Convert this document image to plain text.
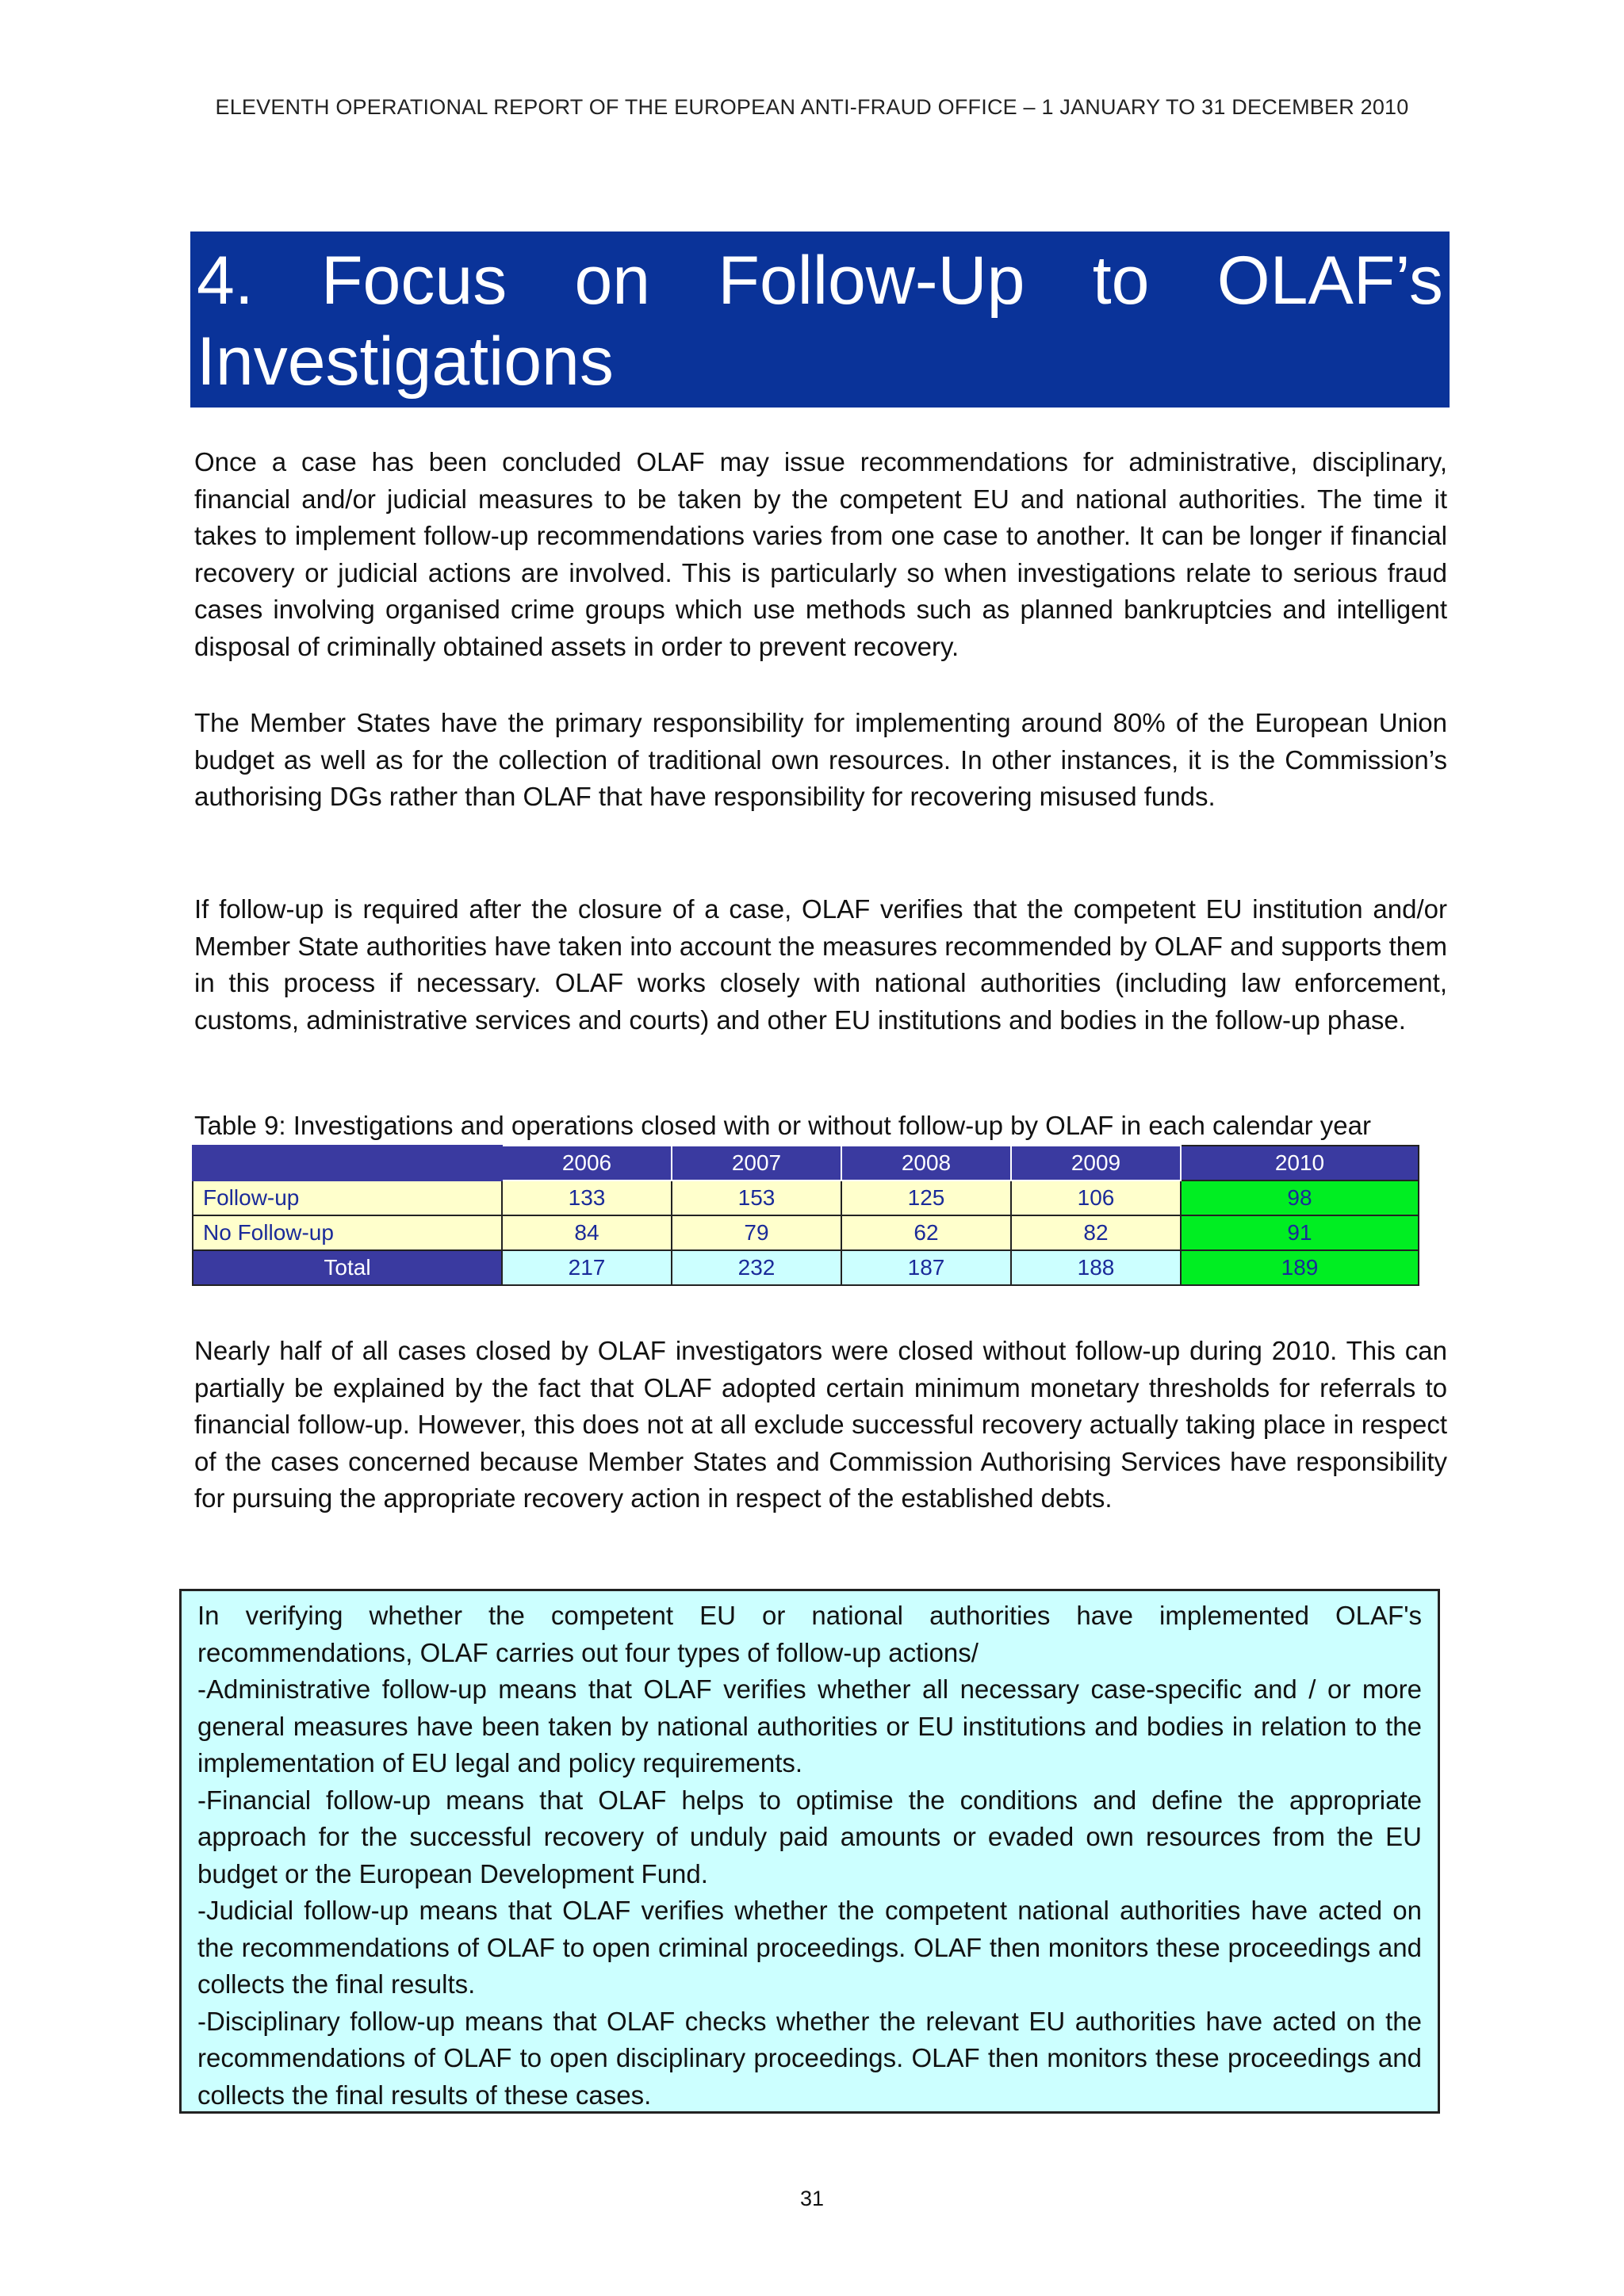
ELEVENTH OPERATIONAL REPORT OF THE EUROPEAN ANTI-FRAUD OFFICE – 1 JANUARY TO 31 DECEMBER 2010
4. Focus on Follow-Up to OLAF’s
Investigations

Once a case has been concluded OLAF may issue recommendations for administrative, disciplinary, financial and/or judicial measures to be taken by the competent EU and national authorities. The time it takes to implement follow-up recommendations varies from one case to another. It can be longer if financial recovery or judicial actions are involved. This is particularly so when investigations relate to serious fraud cases involving organised crime groups which use methods such as planned bankruptcies and intelligent disposal of criminally obtained assets in order to prevent recovery.

The Member States have the primary responsibility for implementing around 80% of the European Union budget as well as for the collection of traditional own resources. In other instances, it is the Commission’s authorising DGs rather than OLAF that have responsibility for recovering misused funds.

If follow-up is required after the closure of a case, OLAF verifies that the competent EU institution and/or Member State authorities have taken into account the measures recommended by OLAF and supports them in this process if necessary. OLAF works closely with national authorities (including law enforcement, customs, administrative services and courts) and other EU institutions and bodies in the follow-up phase.

Table 9: Investigations and operations closed with or without follow-up by OLAF in each calendar year
	2006	2007	2008	2009	2010
Follow-up	133	153	125	106	98
No Follow-up	84	79	62	82	91
Total	217	232	187	188	189

Nearly half of all cases closed by OLAF investigators were closed without follow-up during 2010. This can partially be explained by the fact that OLAF adopted certain minimum monetary thresholds for referrals to financial follow-up. However, this does not at all exclude successful recovery actually taking place in respect of the cases concerned because Member States and Commission Authorising Services have responsibility for pursuing the appropriate recovery action in respect of the established debts.

In verifying whether the competent EU or national authorities have implemented OLAF's recommendations, OLAF carries out four types of follow-up actions/

-Administrative follow-up means that OLAF verifies whether all necessary case-specific and / or more general measures have been taken by national authorities or EU institutions and bodies in relation to the implementation of EU legal and policy requirements.

-Financial follow-up means that OLAF helps to optimise the conditions and define the appropriate approach for the successful recovery of unduly paid amounts or evaded own resources from the EU budget or the European Development Fund.

-Judicial follow-up means that OLAF verifies whether the competent national authorities have acted on the recommendations of OLAF to open criminal proceedings. OLAF then monitors these proceedings and collects the final results.

-Disciplinary follow-up means that OLAF checks whether the relevant EU authorities have acted on the recommendations of OLAF to open disciplinary proceedings. OLAF then monitors these proceedings and collects the final results of these cases.

31
